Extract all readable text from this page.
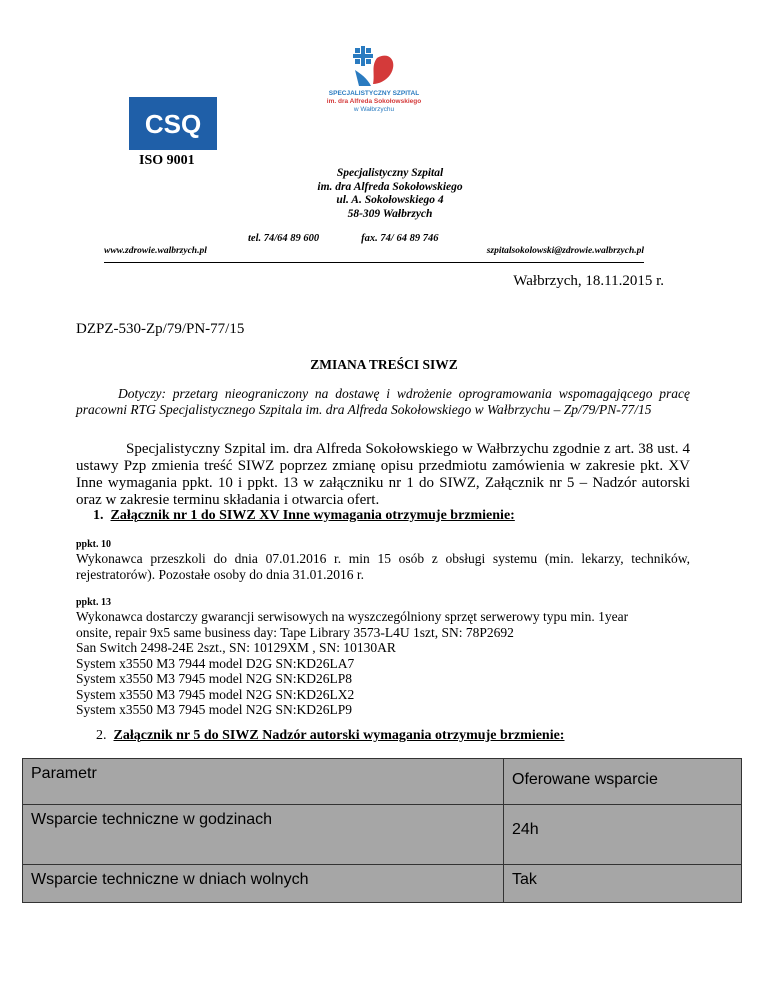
SPECJALISTYCZNY SZPITAL
im. dra Alfreda Sokołowskiego
w Wałbrzychu
CSQ
ISO 9001
Specjalistyczny Szpital
im. dra Alfreda Sokołowskiego
ul. A. Sokołowskiego 4
58-309 Wałbrzych
tel. 74/64 89 600	fax. 74/ 64 89 746
www.zdrowie.walbrzych.pl	szpitalsokolowski@zdrowie.walbrzych.pl
Wałbrzych, 18.11.2015 r.
DZPZ-530-Zp/79/PN-77/15
ZMIANA TREŚCI SIWZ
Dotyczy: przetarg nieograniczony na dostawę i wdrożenie oprogramowania wspomagającego pracę pracowni RTG Specjalistycznego Szpitala im. dra Alfreda Sokołowskiego w Wałbrzychu – Zp/79/PN-77/15
Specjalistyczny Szpital im. dra Alfreda Sokołowskiego w Wałbrzychu zgodnie z art. 38 ust. 4 ustawy Pzp zmienia treść SIWZ poprzez zmianę opisu przedmiotu zamówienia w zakresie pkt. XV Inne wymagania ppkt. 10 i ppkt. 13 w załączniku nr 1 do SIWZ, Załącznik nr 5 – Nadzór autorski oraz w zakresie terminu składania i otwarcia ofert.
1. Załącznik nr 1 do SIWZ XV Inne wymagania otrzymuje brzmienie:
ppkt. 10
Wykonawca przeszkoli do dnia 07.01.2016 r. min 15 osób z obsługi systemu (min. lekarzy, techników, rejestratorów). Pozostałe osoby do dnia 31.01.2016 r.
ppkt. 13
Wykonawca dostarczy gwarancji serwisowych na wyszczególniony sprzęt serwerowy typu min. 1year
onsite, repair 9x5 same business day: Tape Library 3573-L4U 1szt, SN: 78P2692
San Switch 2498-24E 2szt., SN: 10129XM , SN: 10130AR
System x3550 M3 7944 model D2G SN:KD26LA7
System x3550 M3 7945 model N2G SN:KD26LP8
System x3550 M3 7945 model N2G SN:KD26LX2
System x3550 M3 7945 model N2G SN:KD26LP9
2. Załącznik nr 5 do SIWZ Nadzór autorski wymagania otrzymuje brzmienie:
Parametr	Oferowane wsparcie
Wsparcie techniczne w godzinach	24h
Wsparcie techniczne w dniach wolnych	Tak
